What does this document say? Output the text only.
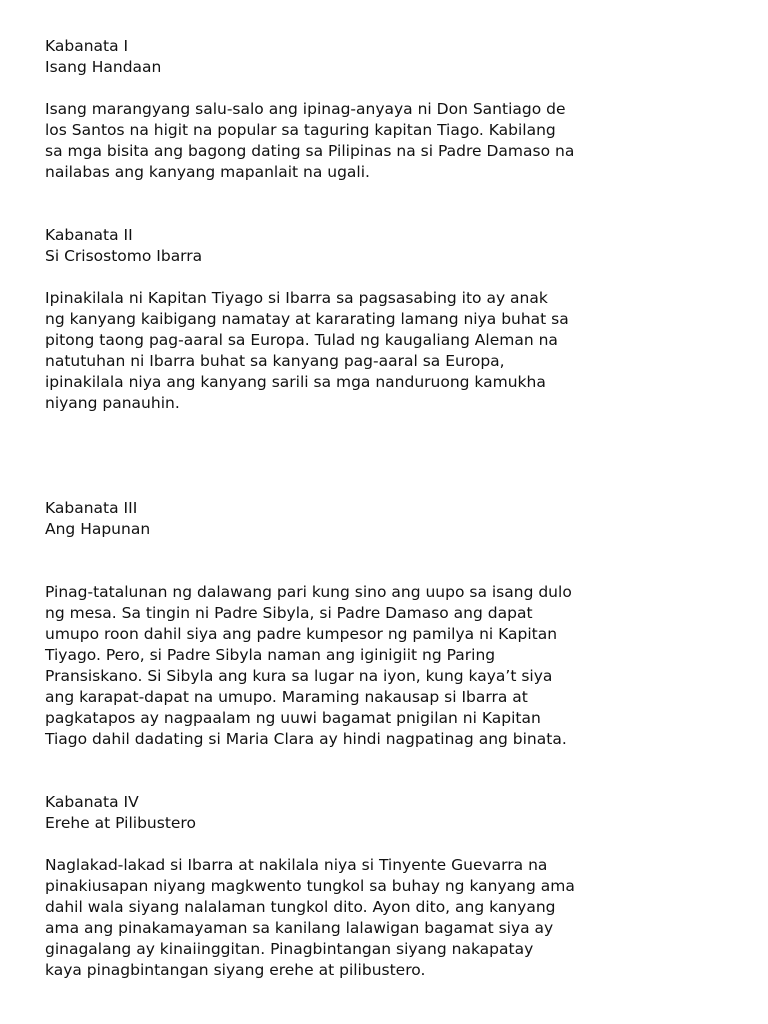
Kabanata I

Isang Handaan

Isang marangyang salu-salo ang ipinag-anyaya ni Don Santiago de
los Santos na higit na popular sa taguring kapitan Tiago. Kabilang
sa mga bisita ang bagong dating sa Pilipinas na si Padre Damaso na
nailabas ang kanyang mapanlait na ugali.

Kabanata II

Si Crisostomo Ibarra

Ipinakilala ni Kapitan Tiyago si Ibarra sa pagsasabing ito ay anak
ng kanyang kaibigang namatay at kararating lamang niya buhat sa
pitong taong pag-aaral sa Europa. Tulad ng kaugaliang Aleman na
natutuhan ni Ibarra buhat sa kanyang pag-aaral sa Europa,
ipinakilala niya ang kanyang sarili sa mga nanduruong kamukha
niyang panauhin.

Kabanata III

Ang Hapunan

Pinag-tatalunan ng dalawang pari kung sino ang uupo sa isang dulo
ng mesa. Sa tingin ni Padre Sibyla, si Padre Damaso ang dapat
umupo roon dahil siya ang padre kumpesor ng pamilya ni Kapitan
Tiyago. Pero, si Padre Sibyla naman ang iginigiit ng Paring
Pransiskano. Si Sibyla ang kura sa lugar na iyon, kung kaya’t siya
ang karapat-dapat na umupo. Maraming nakausap si Ibarra at
pagkatapos ay nagpaalam ng uuwi bagamat pnigilan ni Kapitan
Tiago dahil dadating si Maria Clara ay hindi nagpatinag ang binata.

Kabanata IV

Erehe at Pilibustero

Naglakad-lakad si Ibarra at nakilala niya si Tinyente Guevarra na
pinakiusapan niyang magkwento tungkol sa buhay ng kanyang ama
dahil wala siyang nalalaman tungkol dito. Ayon dito, ang kanyang
ama ang pinakamayaman sa kanilang lalawigan bagamat siya ay
ginagalang ay kinaiinggitan. Pinagbintangan siyang nakapatay
kaya pinagbintangan siyang erehe at pilibustero.
